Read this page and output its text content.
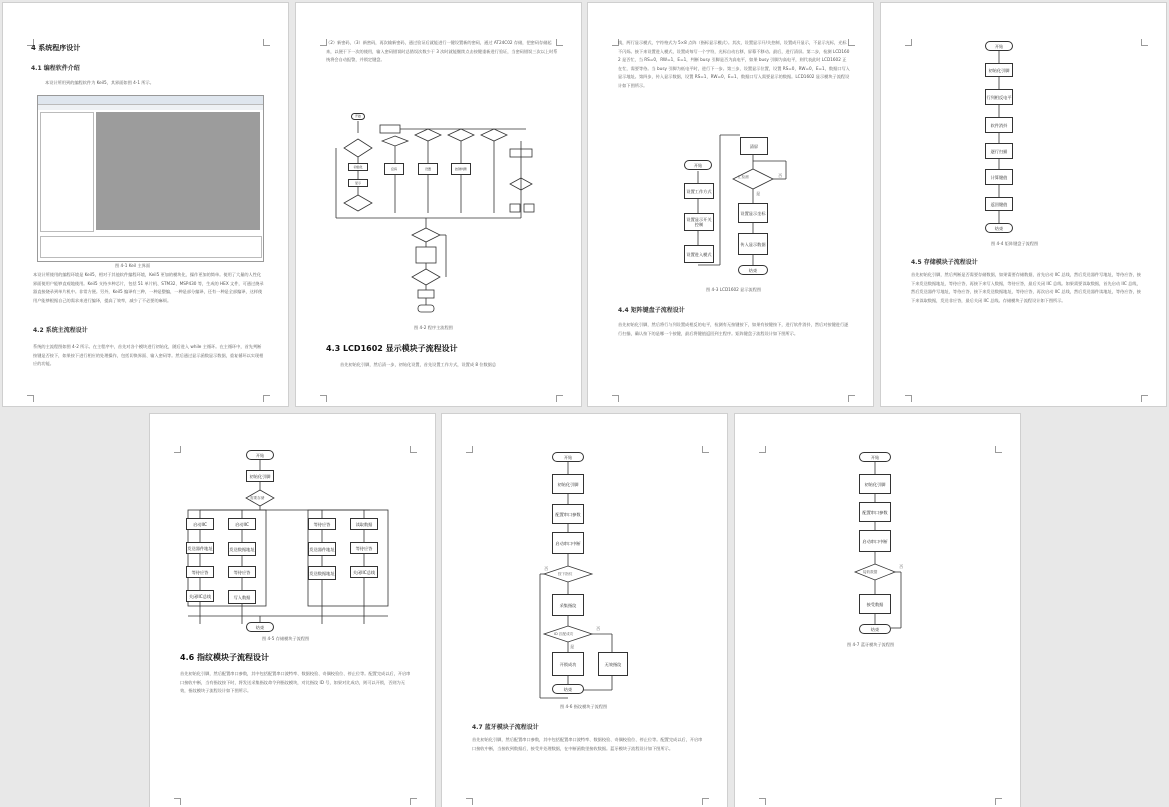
4 系统程序设计
4.1 编程软件介绍
本设计所用到的编程软件为 Keil5，其界面如图 4-1 所示。
图 4-1 Keil 主界面
本设计所使用的编程环境是 Keil5，相对于其他软件编程环境，Keil5 更加的模块化、操作更加的简单。使用了大量的人性化界面使用户能够直观地使用。Keil5 支持多种芯片，包括 51 单片机、STM32、MSP430 等，生成的 HEX 文件，可通过烧录器直接烧录到单片机中。非常方便。另外，Keil5 编译有三种，一种是整编，一种是部分编译，还有一种是全部编译，这样使用户能够根据自己的需求来进行编译，提高了效率，减少了不必要的麻烦。
4.2 系统主流程设计
系统的主流程图如图 4-2 所示。在主程序中，首先对各个模块进行初始化，随后进入 while 主循环。在主循环中，首先判断按键是否按下，如果按下进行相应的处理操作，包括切换界面、输入密码等。然后通过显示函数显示数据，重复循环以实现相应的功能。
（2）新密码，（3）新密码，再次输新密码，通过验证后就能进行一键设置新的密码，通过 AT24C02 存储，把密码存储起来，以便于下一次的使用，输入密码错误时总错误次数少于 3 次时就能继续点击按键重新进行验证，当密码错误三次以上时系统将会自动报警，并锁定键盘。
开始
初始化
显示
密码	设置	按键判断
图 4-2 程序主流程图
4.3 LCD1602 显示模块子流程设计
首先初始化引脚，然后清一步，初始化设置，首先设置工作方式，设置成 8 位数据总
线，两行显示模式，字符格式为 5×8 点阵（指标显示模式）。其次，设置显示开/关控制，设置成开显示，不显示光标，光标不闪烁。接下来设置进入模式，设置成每写一个字符，光标自动右移，屏幕不移动。最后，进行清屏。第二步，检测 LCD1602 是否忙，当 RS=0，RW=1，E=1，判断 busy 引脚是否为高电平，如果 busy 引脚为高电平，则代表此时 LCD1602 正在忙，需要等待。当 busy 引脚为低电平时，进行下一步。第三步，设置显示位置，设置 RS=0，RW=0，E=1，数据口写入显示地址。第四步，传入显示数据，设置 RS=1，RW=0，E=1，数据口写入需要显示的数据。LCD1602 显示模块子流程设计如下图所示。
开始
设置工作方式
设置显示开关控制
设置进入模式
清屏
忙检测
是
否
设置显示坐标
传入显示数据
结束
图 4-3 LCD1602 显示流程图
4.4 矩阵键盘子流程设计
首先初始化引脚，然后将行与列设置成相反的电平，检测有无按键按下，如果有按键按下，进行软件消抖，然后对按键进行逐行扫描，确认按下的是哪一个按键，最后将键值返回到主程序。矩阵键盘子流程设计如下图所示。
开始
初始化引脚
行列相反电平
软件消抖
逐行扫描
计算键值
返回键值
结束
图 4-4 矩阵键盘子流程图
4.5 存储模块子流程设计
首先初始化引脚，然后判断是否需要存储数据，如果需要存储数据，首先启动 IIC 总线，然后发送器件写地址，等待应答，接下来发送数据地址，等待应答，再接下来写入数据，等待应答，最后关闭 IIC 总线。如果需要读取数据，首先启动 IIC 总线，然后发送器件写地址，等待应答，接下来发送数据地址，等待应答，再次启动 IIC 总线，然后发送器件读地址，等待应答，接下来读取数据，发送非应答，最后关闭 IIC 总线。存储模块子流程设计如下图所示。
开始
初始化引脚
需要存储
启动IIC
发送器件地址
等待应答
关闭IIC总线
启动IIC
发送数据地址
等待应答
写入数据
等待应答
发送器件地址
发送数据地址
读取数据
等待应答
关闭IIC总线
结束
图 4-5 存储模块子流程图
4.6 指纹模块子流程设计
首先初始化引脚，然后配置串口参数，其中包括配置串口波特率、数据校验、奇偶校验位、停止位等。配置完成以后，开启串口接收中断，当有指纹按下时，将发送采集指纹命令到指纹模块，对比指纹 ID 号，如果对比成功，则可以开锁，否则为无效，指纹模块子流程设计如下图所示。
开始
初始化引脚
配置串口参数
启动串口中断
按下指纹
否
采集指纹
ID 匹配成功
否
是
开锁成功	无效指纹
结束
图 4-6 指纹模块子流程图
4.7 蓝牙模块子流程设计
首先初始化引脚，然后配置串口参数，其中包括配置串口波特率、数据校验、奇偶校验位、停止位等。配置完成以后，开启串口接收中断，当接收到数据后，接受并处理数据，在中断函数里接收数据。蓝牙模块子流程设计如下图所示。
开始
初始化引脚
配置串口参数
启动串口中断
接收数据
否
接受数据
结束
图 4-7 蓝牙模块子流程图
